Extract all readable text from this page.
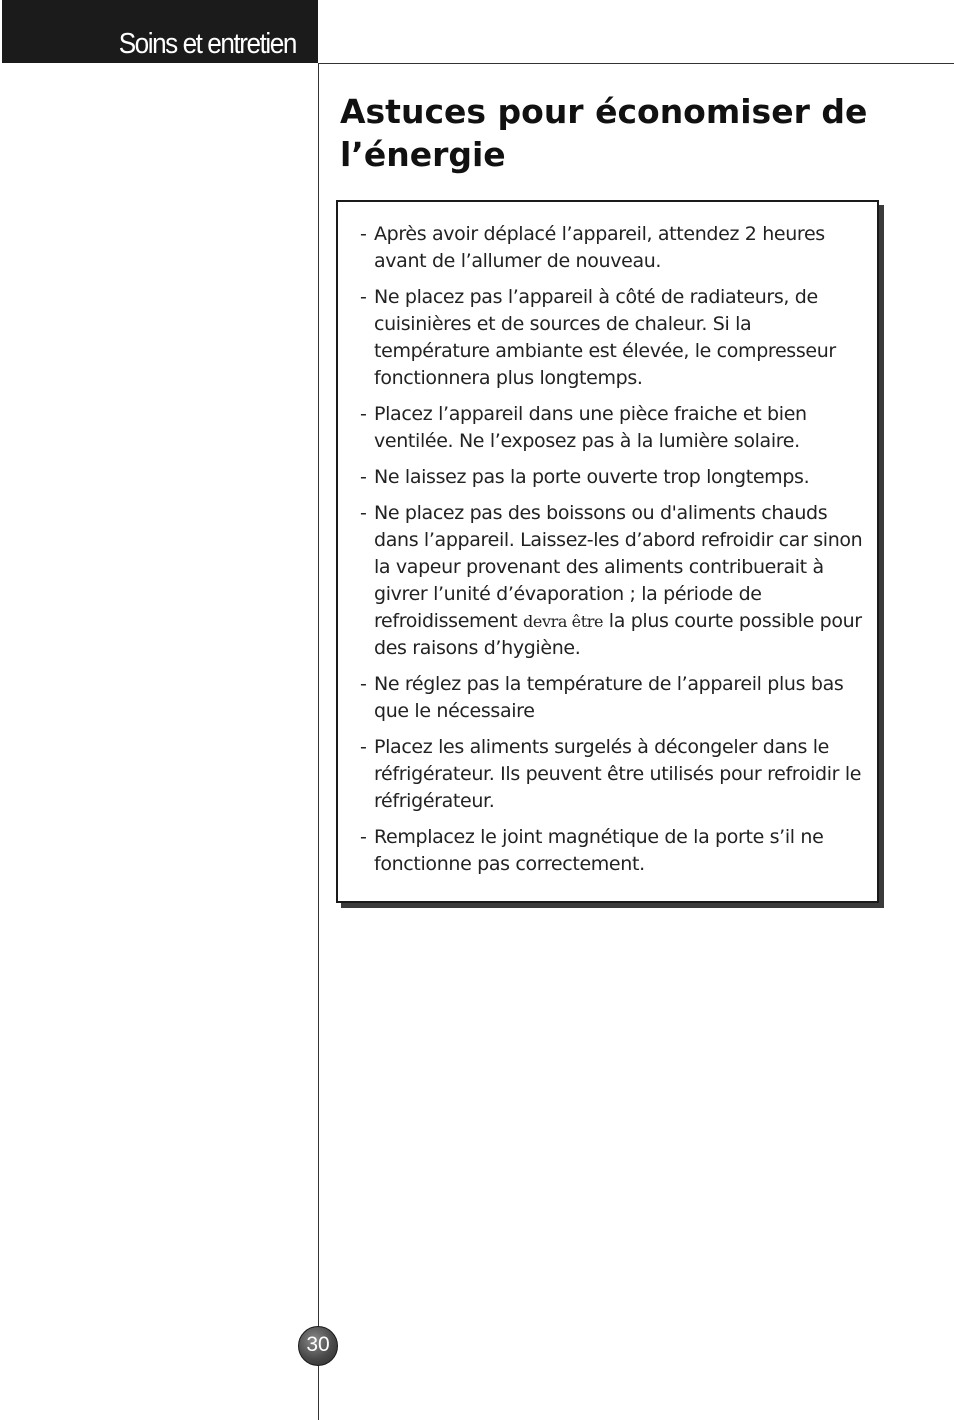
Soins et entretien
Astuces pour économiser de l’énergie
- Après avoir déplacé l’appareil, attendez 2 heures avant de l’allumer de nouveau.
- Ne placez pas l’appareil à côté de radiateurs, de cuisinières et de sources de chaleur. Si la température ambiante est élevée, le compresseur fonctionnera plus longtemps.
- Placez l’appareil dans une pièce fraiche et bien ventilée. Ne l’exposez pas à la lumière solaire.
- Ne laissez pas la porte ouverte trop longtemps.
- Ne placez pas des boissons ou d'aliments chauds dans l’appareil. Laissez-les d’abord refroidir car sinon la vapeur provenant des aliments contribuerait à givrer l’unité d’évaporation ; la période de refroidissement devra être la plus courte possible pour des raisons d’hygiène.
- Ne réglez pas la température de l’appareil plus bas que le nécessaire
- Placez les aliments surgelés à décongeler dans le réfrigérateur. Ils peuvent être utilisés pour refroidir le réfrigérateur.
- Remplacez le joint magnétique de la porte s’il ne fonctionne pas correctement.
30
